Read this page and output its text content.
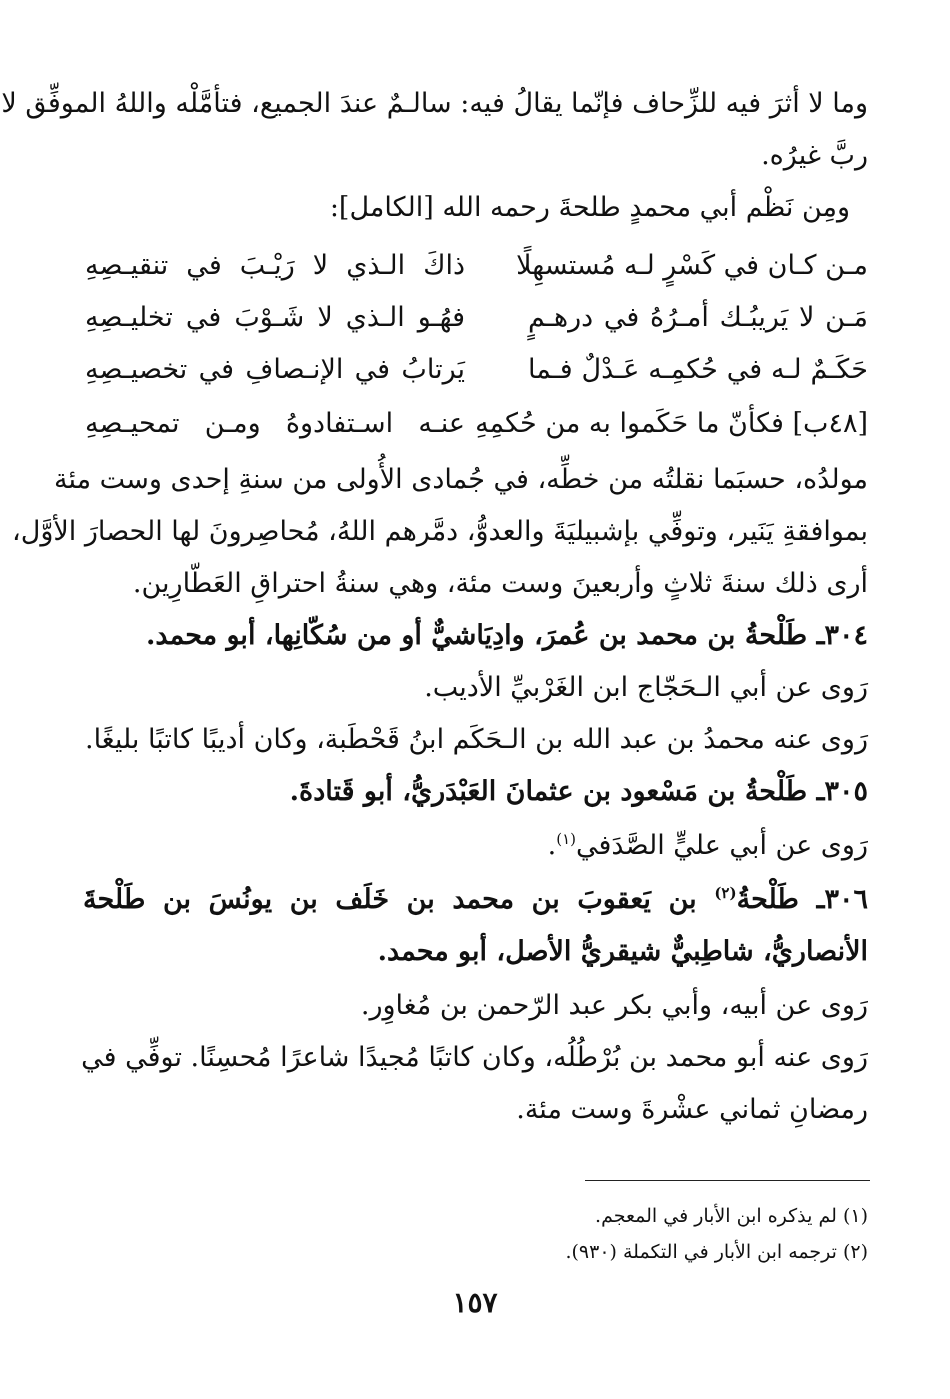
وما لا أثرَ فيه للزِّحاف فإنّما يقالُ فيه: سالـمٌ عندَ الجميع، فتأمَّلْه واللهُ الموفِّق لا
ربَّ غيرُه.
ومِن نَظْم أبي محمدٍ طلحةَ رحمه الله [الكامل]:
مـن كـان في كَسْرٍ لـه مُستسهِلًا
ذاكَ الـذي لا رَيْـبَ في تنقيـصِهِ
مَـن لا يَريبُـك أمـرُهُ في درهـمٍ
فهُـو الـذي لا شَـوْبَ في تخليـصِهِ
حَكَـمٌ لـه في حُكمِـه عَـدْلٌ فـما
يَرتابُ في الإنـصافِ في تخصيـصِهِ
[٤٨ب] فكأنّ ما حَكَموا به من حُكمِهِ
عنـه اسـتفادوهُ ومـن تمحيـصِهِ
مولدُه، حسبَما نقلتُه من خطِّه، في جُمادى الأُولى من سنةِ إحدى وست مئة
بموافقةِ يَنَير، وتوفِّي بإشبيليَةَ والعدوُّ، دمَّرهم اللهُ، مُحاصِرونَ لها الحصارَ الأوَّل،
أرى ذلك سنةَ ثلاثٍ وأربعينَ وست مئة، وهي سنةُ احتراقِ العَطّارِين.
٣٠٤ـ طَلْحةُ بن محمد بن عُمرَ، وادِيَاشيٌّ أو من سُكّانِها، أبو محمد.
رَوى عن أبي الـحَجّاج ابن الغَرْبيِّ الأديب.
رَوى عنه محمدُ بن عبد الله بن الـحَكَم ابنُ قَحْطَبة، وكان أديبًا كاتبًا بليغًا.
٣٠٥ـ طَلْحةُ بن مَسْعود بن عثمانَ العَبْدَريُّ، أبو قَتادةَ.
رَوى عن أبي عليٍّ الصَّدَفي$^{(١)}$.
٣٠٦ـ طَلْحةُ$^{(٢)}$ بن يَعقوبَ بن محمد بن خَلَف بن يونُسَ بن طَلْحةَ
الأنصاريُّ، شاطِبيٌّ شيقريُّ الأصل، أبو محمد.
رَوى عن أبيه، وأبي بكر عبد الرّحمن بن مُغاوِر.
رَوى عنه أبو محمد بن بُرْطُلُه، وكان كاتبًا مُجيدًا شاعرًا مُحسِنًا. توفِّي في
رمضانِ ثماني عشْرةَ وست مئة.
(١) لم يذكره ابن الأبار في المعجم.
(٢) ترجمه ابن الأبار في التكملة (٩٣٠).
١٥٧
